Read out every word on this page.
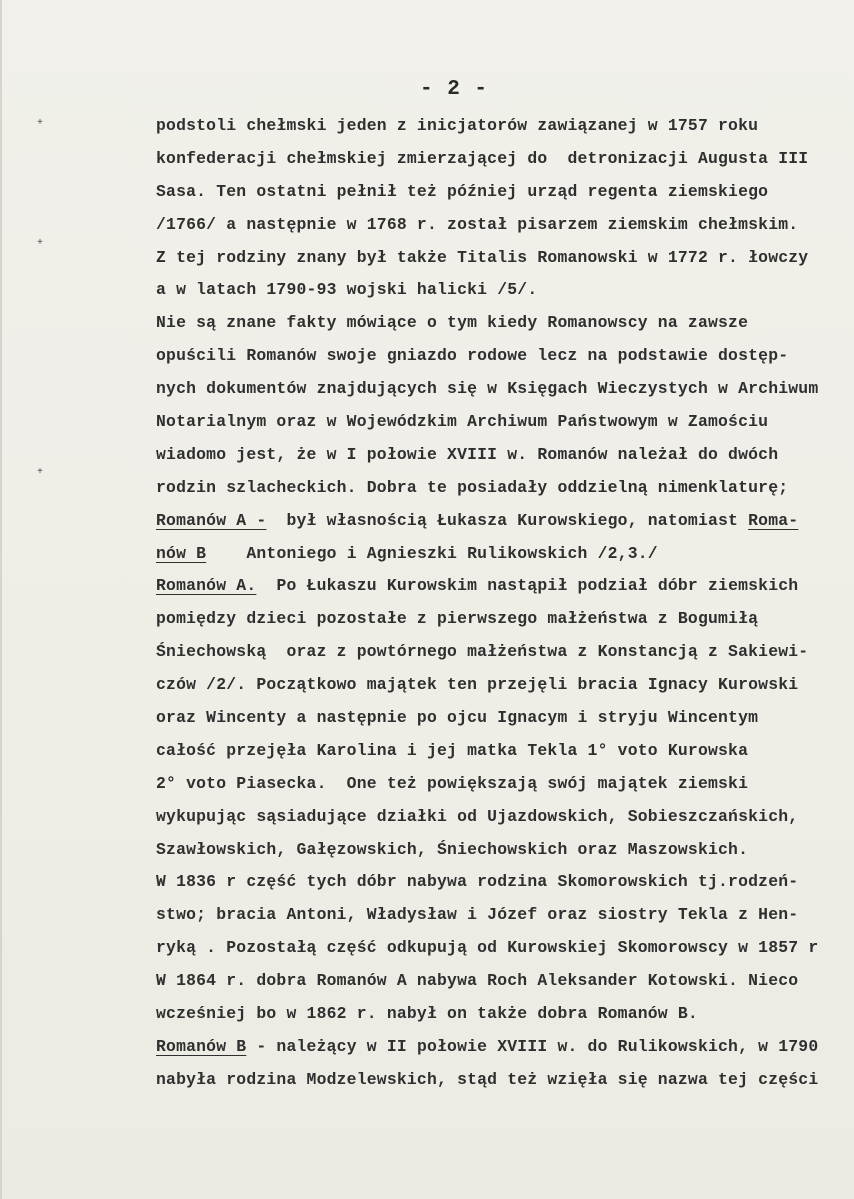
- 2 -
+
+
+
podstoli chełmski jeden z inicjatorów zawiązanej w 1757 roku
konfederacji chełmskiej zmierzającej do  detronizacji Augusta III
Sasa. Ten ostatni pełnił też później urząd regenta ziemskiego
/1766/ a następnie w 1768 r. został pisarzem ziemskim chełmskim.
Z tej rodziny znany był także Titalis Romanowski w 1772 r. łowczy
a w latach 1790-93 wojski halicki /5/.
Nie są znane fakty mówiące o tym kiedy Romanowscy na zawsze
opuścili Romanów swoje gniazdo rodowe lecz na podstawie dostęp-
nych dokumentów znajdujących się w Księgach Wieczystych w Archiwum
Notarialnym oraz w Wojewódzkim Archiwum Państwowym w Zamościu
wiadomo jest, że w I połowie XVIII w. Romanów należał do dwóch
rodzin szlacheckich. Dobra te posiadały oddzielną nimenklaturę;
Romanów A -  był własnością Łukasza Kurowskiego, natomiast Roma-
nów B    Antoniego i Agnieszki Rulikowskich /2,3./
Romanów A.  Po Łukaszu Kurowskim nastąpił podział dóbr ziemskich
pomiędzy dzieci pozostałe z pierwszego małżeństwa z Bogumiłą
Śniechowską  oraz z powtórnego małżeństwa z Konstancją z Sakiewi-
czów /2/. Początkowo majątek ten przejęli bracia Ignacy Kurowski
oraz Wincenty a następnie po ojcu Ignacym i stryju Wincentym
całość przejęła Karolina i jej matka Tekla 1° voto Kurowska
2° voto Piasecka.  One też powiększają swój majątek ziemski
wykupując sąsiadujące działki od Ujazdowskich, Sobieszczańskich,
Szawłowskich, Gałęzowskich, Śniechowskich oraz Maszowskich.
W 1836 r część tych dóbr nabywa rodzina Skomorowskich tj.rodzeń-
stwo; bracia Antoni, Władysław i Józef oraz siostry Tekla z Hen-
ryką . Pozostałą część odkupują od Kurowskiej Skomorowscy w 1857 r
W 1864 r. dobra Romanów A nabywa Roch Aleksander Kotowski. Nieco
wcześniej bo w 1862 r. nabył on także dobra Romanów B.
Romanów B - należący w II połowie XVIII w. do Rulikowskich, w 1790
nabyła rodzina Modzelewskich, stąd też wzięła się nazwa tej części
